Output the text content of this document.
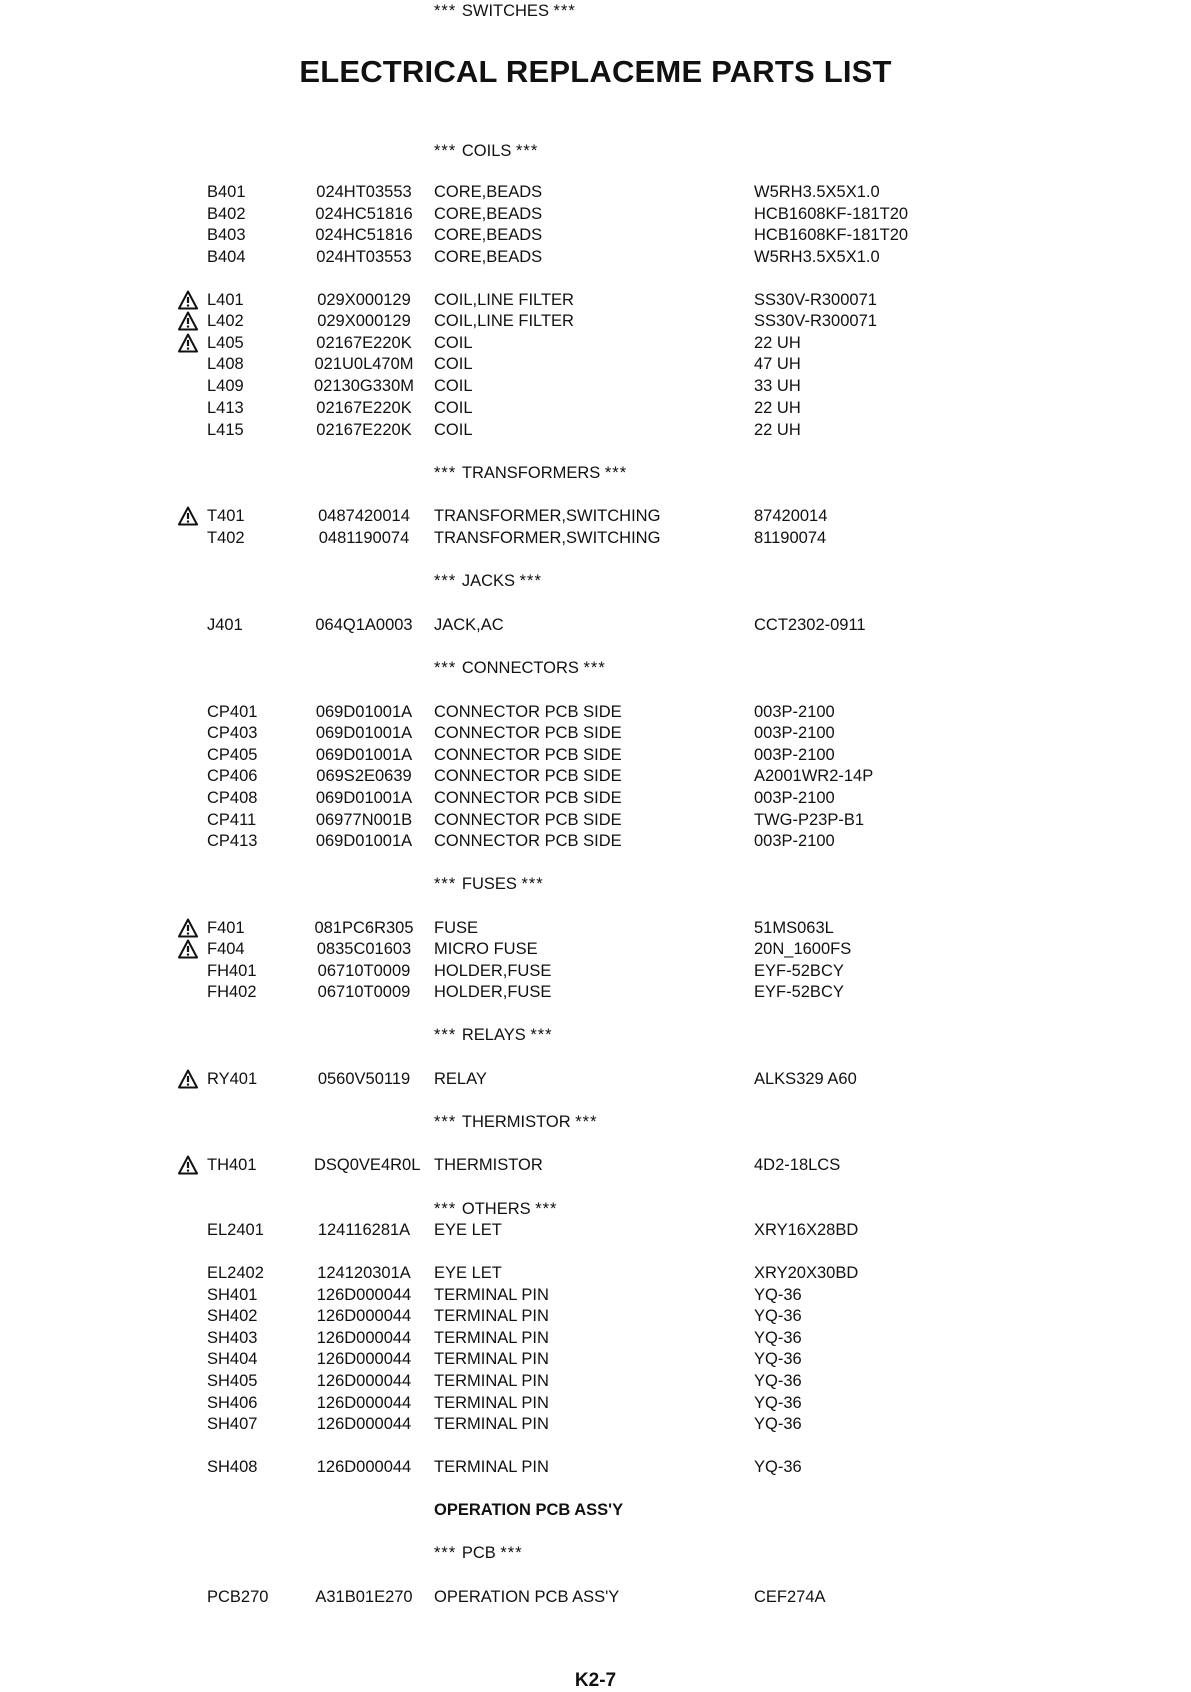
ELECTRICAL REPLACEME PARTS LIST
*** COILS ***
B401	024HT03553 CORE,BEADS	W5RH3.5X5X1.0
B402	024HC51816 CORE,BEADS	HCB1608KF-181T20
B403	024HC51816 CORE,BEADS	HCB1608KF-181T20
B404	024HT03553 CORE,BEADS	W5RH3.5X5X1.0
L401	029X000129 COIL,LINE FILTER	SS30V-R300071
L402	029X000129 COIL,LINE FILTER	SS30V-R300071
L405	02167E220K COIL	22 UH
L408	021U0L470M COIL	47 UH
L409	02130G330M COIL	33 UH
L413	02167E220K COIL	22 UH
L415	02167E220K COIL	22 UH
*** TRANSFORMERS ***
T401	0487420014 TRANSFORMER,SWITCHING	87420014
T402	0481190074 TRANSFORMER,SWITCHING	81190074
*** JACKS ***
J401	064Q1A0003 JACK,AC	CCT2302-0911
*** CONNECTORS ***
CP401	069D01001A CONNECTOR PCB SIDE	003P-2100
CP403	069D01001A CONNECTOR PCB SIDE	003P-2100
CP405	069D01001A CONNECTOR PCB SIDE	003P-2100
CP406	069S2E0639 CONNECTOR PCB SIDE	A2001WR2-14P
CP408	069D01001A CONNECTOR PCB SIDE	003P-2100
CP411	06977N001B CONNECTOR PCB SIDE	TWG-P23P-B1
CP413	069D01001A CONNECTOR PCB SIDE	003P-2100
*** FUSES ***
F401	081PC6R305 FUSE	51MS063L
F404	0835C01603 MICRO FUSE	20N_1600FS
FH401	06710T0009 HOLDER,FUSE	EYF-52BCY
FH402	06710T0009 HOLDER,FUSE	EYF-52BCY
*** RELAYS ***
RY401	0560V50119 RELAY	ALKS329 A60
*** THERMISTOR ***
TH401	DSQ0VE4R0L THERMISTOR	4D2-18LCS
*** OTHERS ***
EL2401	124116281A EYE LET	XRY16X28BD
EL2402	124120301A EYE LET	XRY20X30BD
SH401	126D000044 TERMINAL PIN	YQ-36
SH402	126D000044 TERMINAL PIN	YQ-36
SH403	126D000044 TERMINAL PIN	YQ-36
SH404	126D000044 TERMINAL PIN	YQ-36
SH405	126D000044 TERMINAL PIN	YQ-36
SH406	126D000044 TERMINAL PIN	YQ-36
SH407	126D000044 TERMINAL PIN	YQ-36
SH408	126D000044 TERMINAL PIN	YQ-36
OPERATION PCB ASS'Y
*** PCB ***
PCB270	A31B01E270 OPERATION PCB ASS'Y	CEF274A
*** SWITCHES ***
K2-7
